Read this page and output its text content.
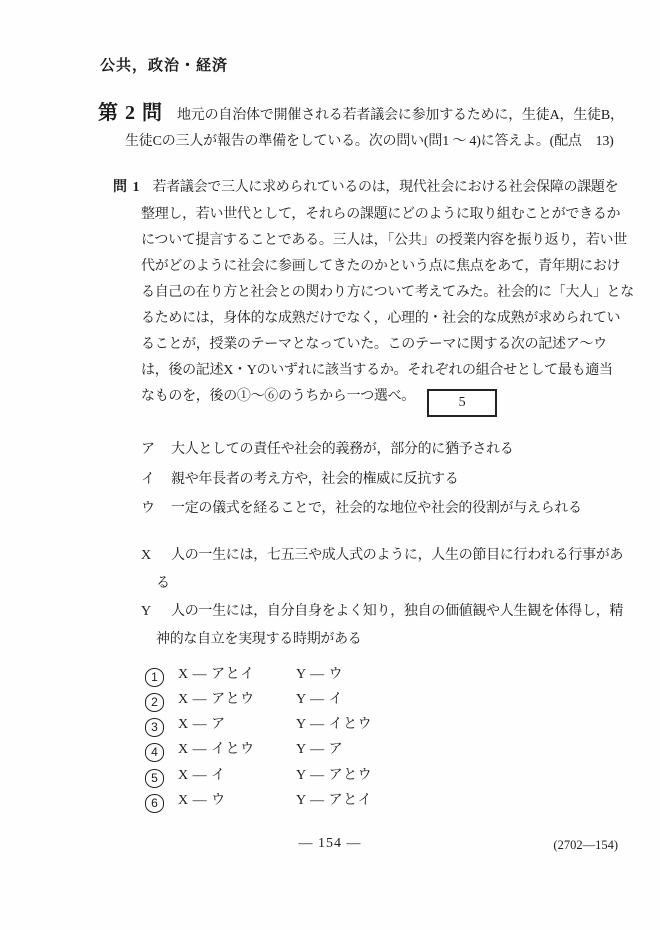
公共，政治・経済
第 2 問 地元の自治体で開催される若者議会に参加するために，生徒A，生徒B，
生徒Cの三人が報告の準備をしている。次の問い(問1 ～ 4)に答えよ。(配点　13)
問 1 若者議会で三人に求められているのは，現代社会における社会保障の課題を
整理し，若い世代として，それらの課題にどのように取り組むことができるか
について提言することである。三人は，「公共」の授業内容を振り返り，若い世
代がどのように社会に参画してきたのかという点に焦点をあて，青年期におけ
る自己の在り方と社会との関わり方について考えてみた。社会的に「大人」とな
るためには，身体的な成熟だけでなく，心理的・社会的な成熟が求められてい
ることが，授業のテーマとなっていた。このテーマに関する次の記述ア～ウ
は，後の記述X・Yのいずれに該当するか。それぞれの組合せとして最も適当
なものを，後の①～⑥のうちから一つ選べ。	5
ア 大人としての責任や社会的義務が，部分的に猶予される
イ 親や年長者の考え方や，社会的権威に反抗する
ウ 一定の儀式を経ることで，社会的な地位や社会的役割が与えられる
X 人の一生には，七五三や成人式のように，人生の節目に行われる行事があ
る
Y 人の一生には，自分自身をよく知り，独自の価値観や人生観を体得し，精
神的な自立を実現する時期がある
1 X ― アとイ	Y ― ウ
2 X ― アとウ	Y ― イ
3 X ― ア	Y ― イとウ
4 X ― イとウ	Y ― ア
5 X ― イ	Y ― アとウ
6 X ― ウ	Y ― アとイ
— 154 —	(2702—154)
